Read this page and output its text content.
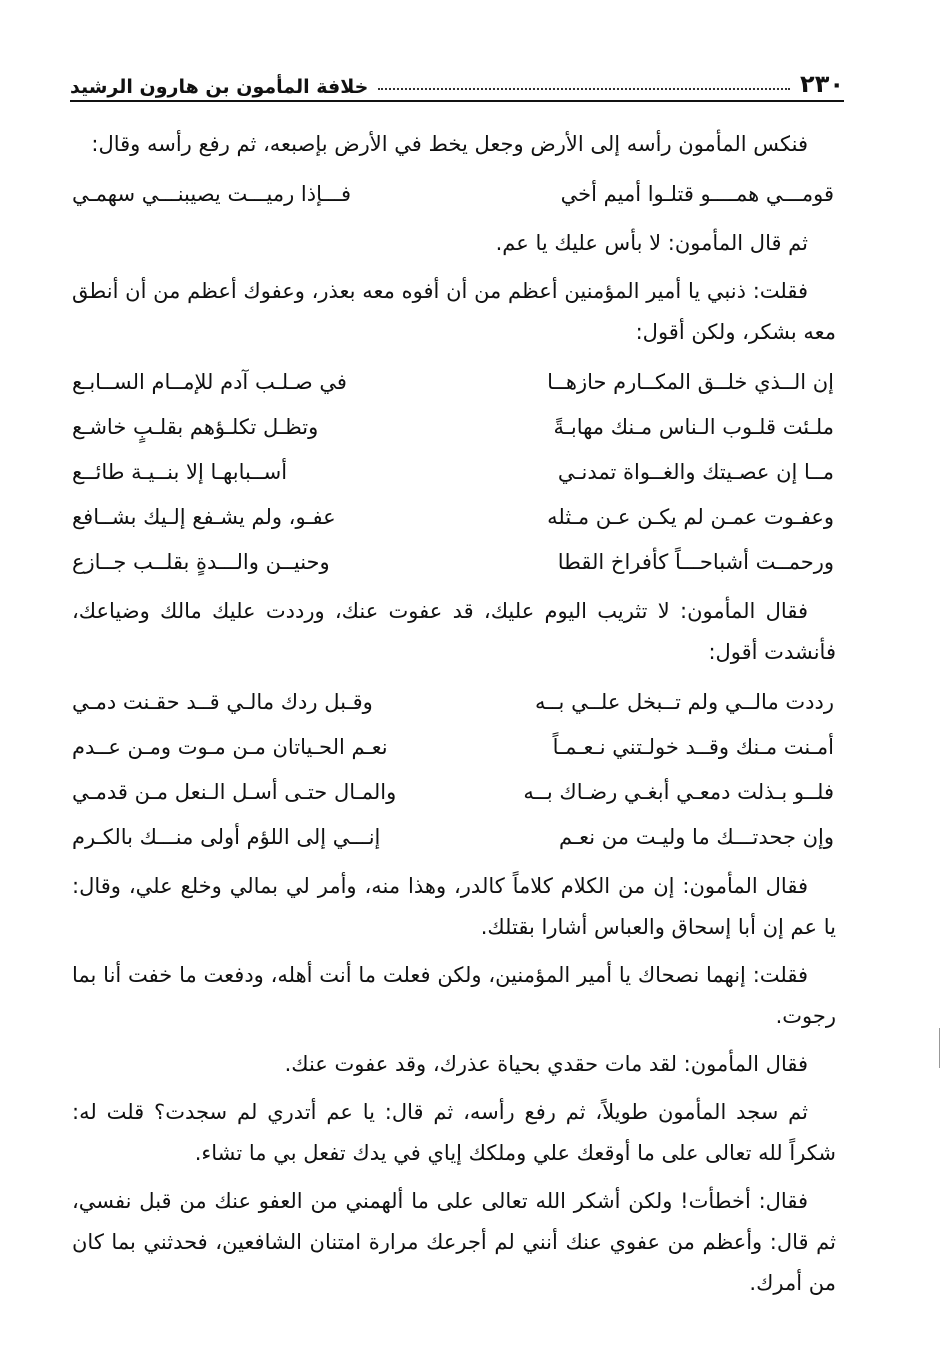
٢٣٠
خلافة المأمون بن هارون الرشيد

فنكس المأمون رأسه إلى الأرض وجعل يخط في الأرض بإصبعه، ثم رفع رأسه وقال:

قومـــي همــــو قتلـوا أميم أخي
فـــإذا رميـــت يصيبنـــي سهمـي

ثم قال المأمون: لا بأس عليك يا عم.

فقلت: ذنبي يا أمير المؤمنين أعظم من أن أفوه معه بعذر، وعفوك أعظم من أن أنطق معه بشكر، ولكن أقول:

إن الــذي خلــق المكــارم حازهــا
في صـلـب آدم للإمــام الســابـع
ملـئت قلـوب الـناس مـنك مهابـةً
وتظـل تكلـؤهم بقلـبٍ خاشـع
مــا إن عصـيتك والغــواة تمدنـي
أســبابهـا إلا بنــيـة طائــع
وعفـوت عمـن لم يكـن عـن مـثله
عفـو، ولم يشـفع إلـيك بشــافع
ورحمــت أشباحـــاً كأفراخ القطا
وحنيــن والـــدةٍ بقلــب جــازع

فقال المأمون: لا تثريب اليوم عليك، قد عفوت عنك، ورددت عليك مالك وضياعك، فأنشدت أقول:

رددت مالــي ولم تــبخل علــي بــه
وقـبل ردك مالـي قــد حقـنت دمـي
أمـنت مـنك وقــد خولـتني نـعـمـاً
نعـم الحـياتان مـن مـوت ومـن عــدم
فلــو بـذلت دمعـي أبغـي رضـاك بــه
والمـال حتـى أسـل الـنعل مـن قدمـي
وإن جحدتـــك ما وليـت من نعـم
إنـــي إلى اللؤم أولى منـــك بالكـرم

فقال المأمون: إن من الكلام كلاماً كالدر، وهذا منه، وأمر لي بمالي وخلع علي، وقال: يا عم إن أبا إسحاق والعباس أشارا بقتلك.

فقلت: إنهما نصحاك يا أمير المؤمنين، ولكن فعلت ما أنت أهله، ودفعت ما خفت أنا بما رجوت.

فقال المأمون: لقد مات حقدي بحياة عذرك، وقد عفوت عنك.

ثم سجد المأمون طويلاً، ثم رفع رأسه، ثم قال: يا عم أتدري لم سجدت؟ قلت له: شكراً لله تعالى على ما أوقعك علي وملكك إياي في يدك تفعل بي ما تشاء.

فقال: أخطأت! ولكن أشكر الله تعالى على ما ألهمني من العفو عنك من قبل نفسي، ثم قال: وأعظم من عفوي عنك أنني لم أجرعك مرارة امتنان الشافعين، فحدثني بما كان من أمرك.
